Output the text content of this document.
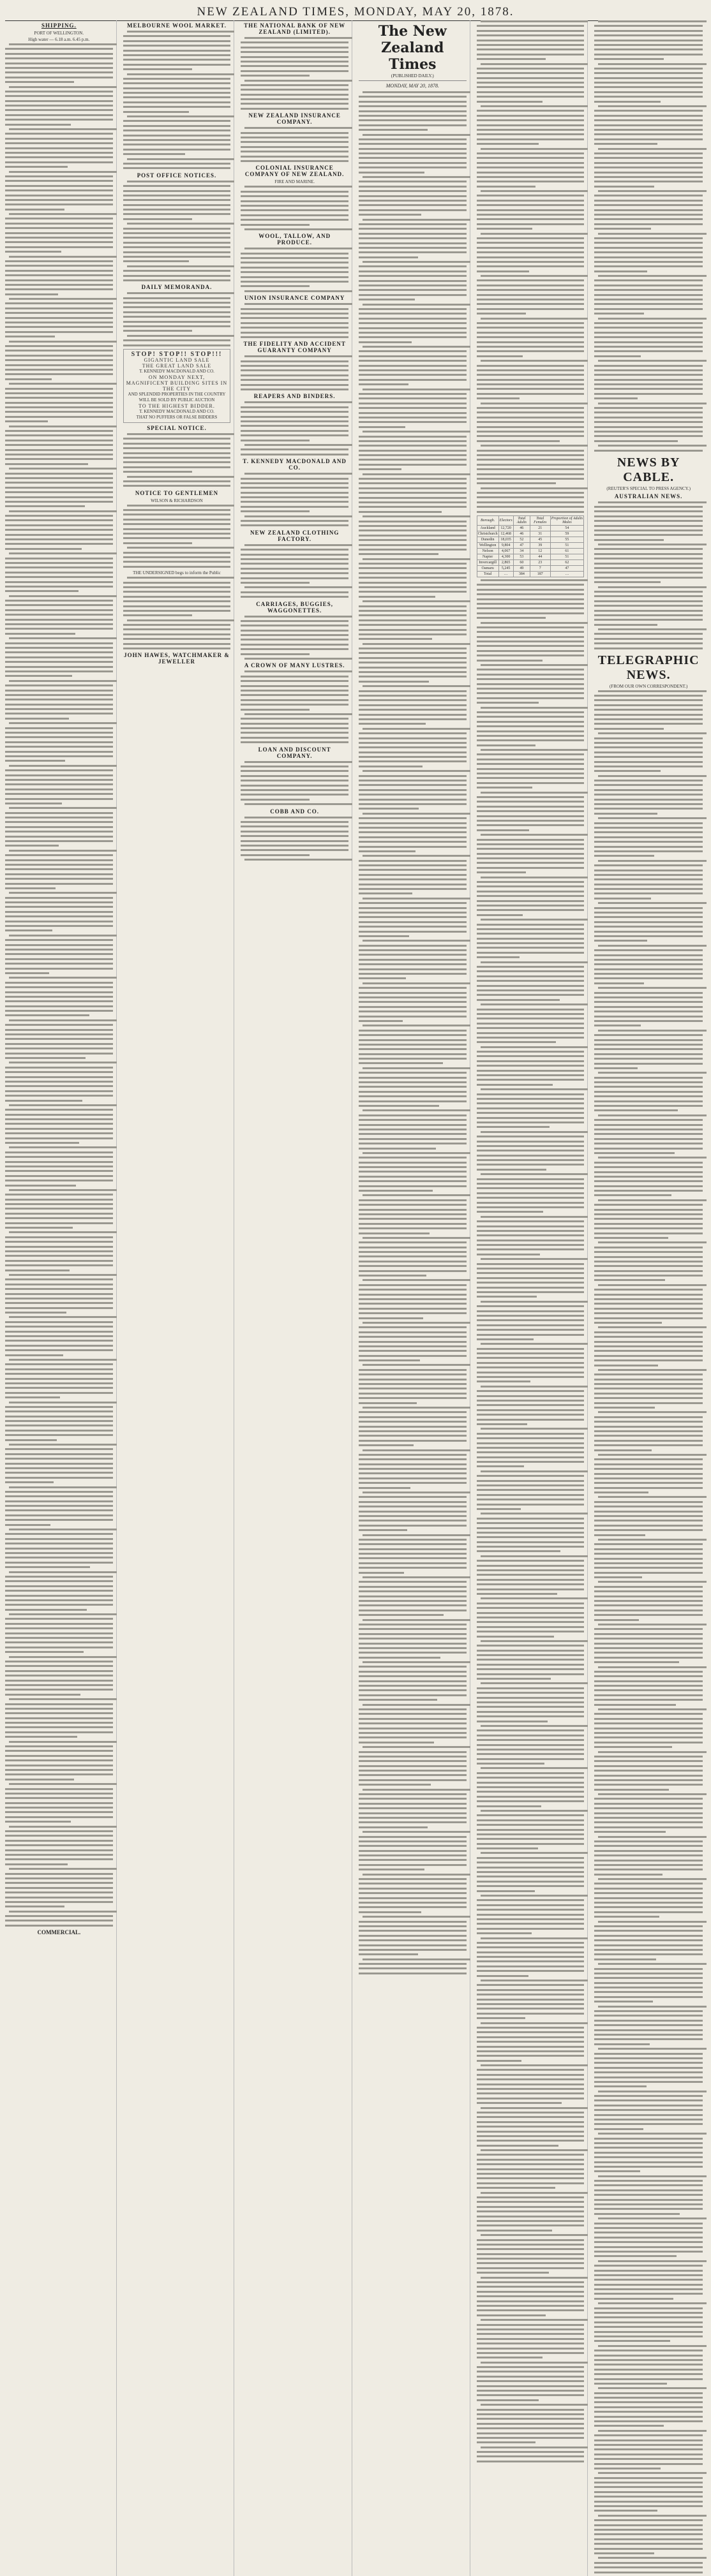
NEW ZEALAND TIMES, MONDAY, MAY 20, 1878.
SHIPPING.
PORT OF WELLINGTON.
High water — 6.18 a.m. 6.45 p.m.
COMMERCIAL.
MELBOURNE WOOL MARKET.
POST OFFICE NOTICES.
DAILY MEMORANDA.
STOP! STOP!! STOP!!!
GIGANTIC LAND SALE
THE GREAT LAND SALE
T. KENNEDY MACDONALD AND CO.
ON MONDAY NEXT,
MAGNIFICENT BUILDING SITES IN THE CITY
AND SPLENDID PROPERTIES IN THE COUNTRY
WILL BE SOLD BY PUBLIC AUCTION
TO THE HIGHEST BIDDER.
T. KENNEDY MACDONALD AND CO.
THAT NO PUFFERS OR FALSE BIDDERS
SPECIAL NOTICE.
NOTICE TO GENTLEMEN
WILSON & RICHARDSON
THE UNDERSIGNED begs to inform the Public
JOHN HAWES, WATCHMAKER & JEWELLER
THE NATIONAL BANK OF NEW ZEALAND (LIMITED).
NEW ZEALAND INSURANCE COMPANY.
COLONIAL INSURANCE COMPANY OF NEW ZEALAND.
FIRE AND MARINE.
WOOL, TALLOW, AND PRODUCE.
UNION INSURANCE COMPANY
THE FIDELITY AND ACCIDENT GUARANTY COMPANY
REAPERS AND BINDERS.
T. KENNEDY MACDONALD AND CO.
NEW ZEALAND CLOTHING FACTORY.
CARRIAGES, BUGGIES, WAGGONETTES.
A CROWN OF MANY LUSTRES.
LOAN AND DISCOUNT COMPANY.
COBB AND CO.
The New Zealand Times
(PUBLISHED DAILY.)
MONDAY, MAY 20, 1878.
Borough.	Electors	Total Adults	Total Females	Proportion of Adults Males
Auckland	12,720	46	21	54
Christchurch	12,468	46	31	59
Dunedin	18,035	52	45	55
Wellington	9,804	47	39	51
Nelson	4,067	34	12	61
Napier	4,300	53	44	51
Invercargill	2,865	60	23	62
Oamaru	5,245	49	7	47
Total	…	384	187	…
NEWS BY CABLE.
(REUTER'S SPECIAL TO PRESS AGENCY.)
AUSTRALIAN NEWS.
TELEGRAPHIC NEWS.
(FROM OUR OWN CORRESPONDENT.)
